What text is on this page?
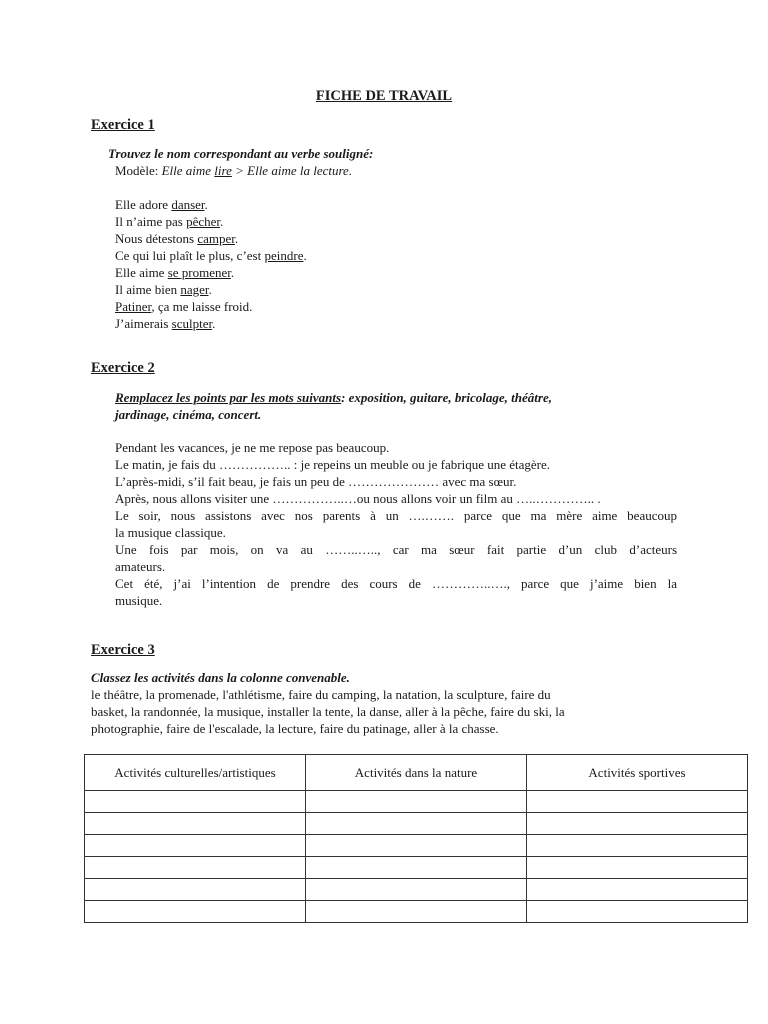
FICHE DE TRAVAIL
Exercice 1
Trouvez le nom correspondant au verbe souligné:
Modèle: Elle aime lire > Elle aime la lecture.
Elle adore danser.
Il n’aime pas pêcher.
Nous détestons camper.
Ce qui lui plaît le plus, c’est peindre.
Elle aime se promener.
Il aime bien nager.
Patiner, ça me laisse froid.
J’aimerais sculpter.
Exercice 2
Remplacez les points par les mots suivants: exposition, guitare, bricolage, théâtre,
jardinage, cinéma, concert.
Pendant les vacances, je ne me repose pas beaucoup.
Le matin, je fais du …………….. : je repeins un meuble ou je fabrique une étagère.
L’après-midi, s’il fait beau, je fais un peu de ………………… avec ma sœur.
Après, nous allons visiter une ……………..…ou nous allons voir un film au …..………….. .
Le soir, nous assistons avec nos parents à un ….……. parce que ma mère aime beaucoup
la musique classique.
Une fois par mois, on va au ……..….., car ma sœur fait partie d’un club d’acteurs
amateurs.
Cet été, j’ai l’intention de prendre des cours de …………..…., parce que j’aime bien la
musique.
Exercice 3
Classez les activités dans la colonne convenable.
le théâtre, la promenade, l'athlétisme, faire du camping, la natation, la sculpture, faire du
basket, la randonnée, la musique, installer la tente, la danse, aller à la pêche, faire du ski, la
photographie, faire de l'escalade, la lecture, faire du patinage, aller à la chasse.
Activités culturelles/artistiques	Activités dans la nature	Activités sportives
